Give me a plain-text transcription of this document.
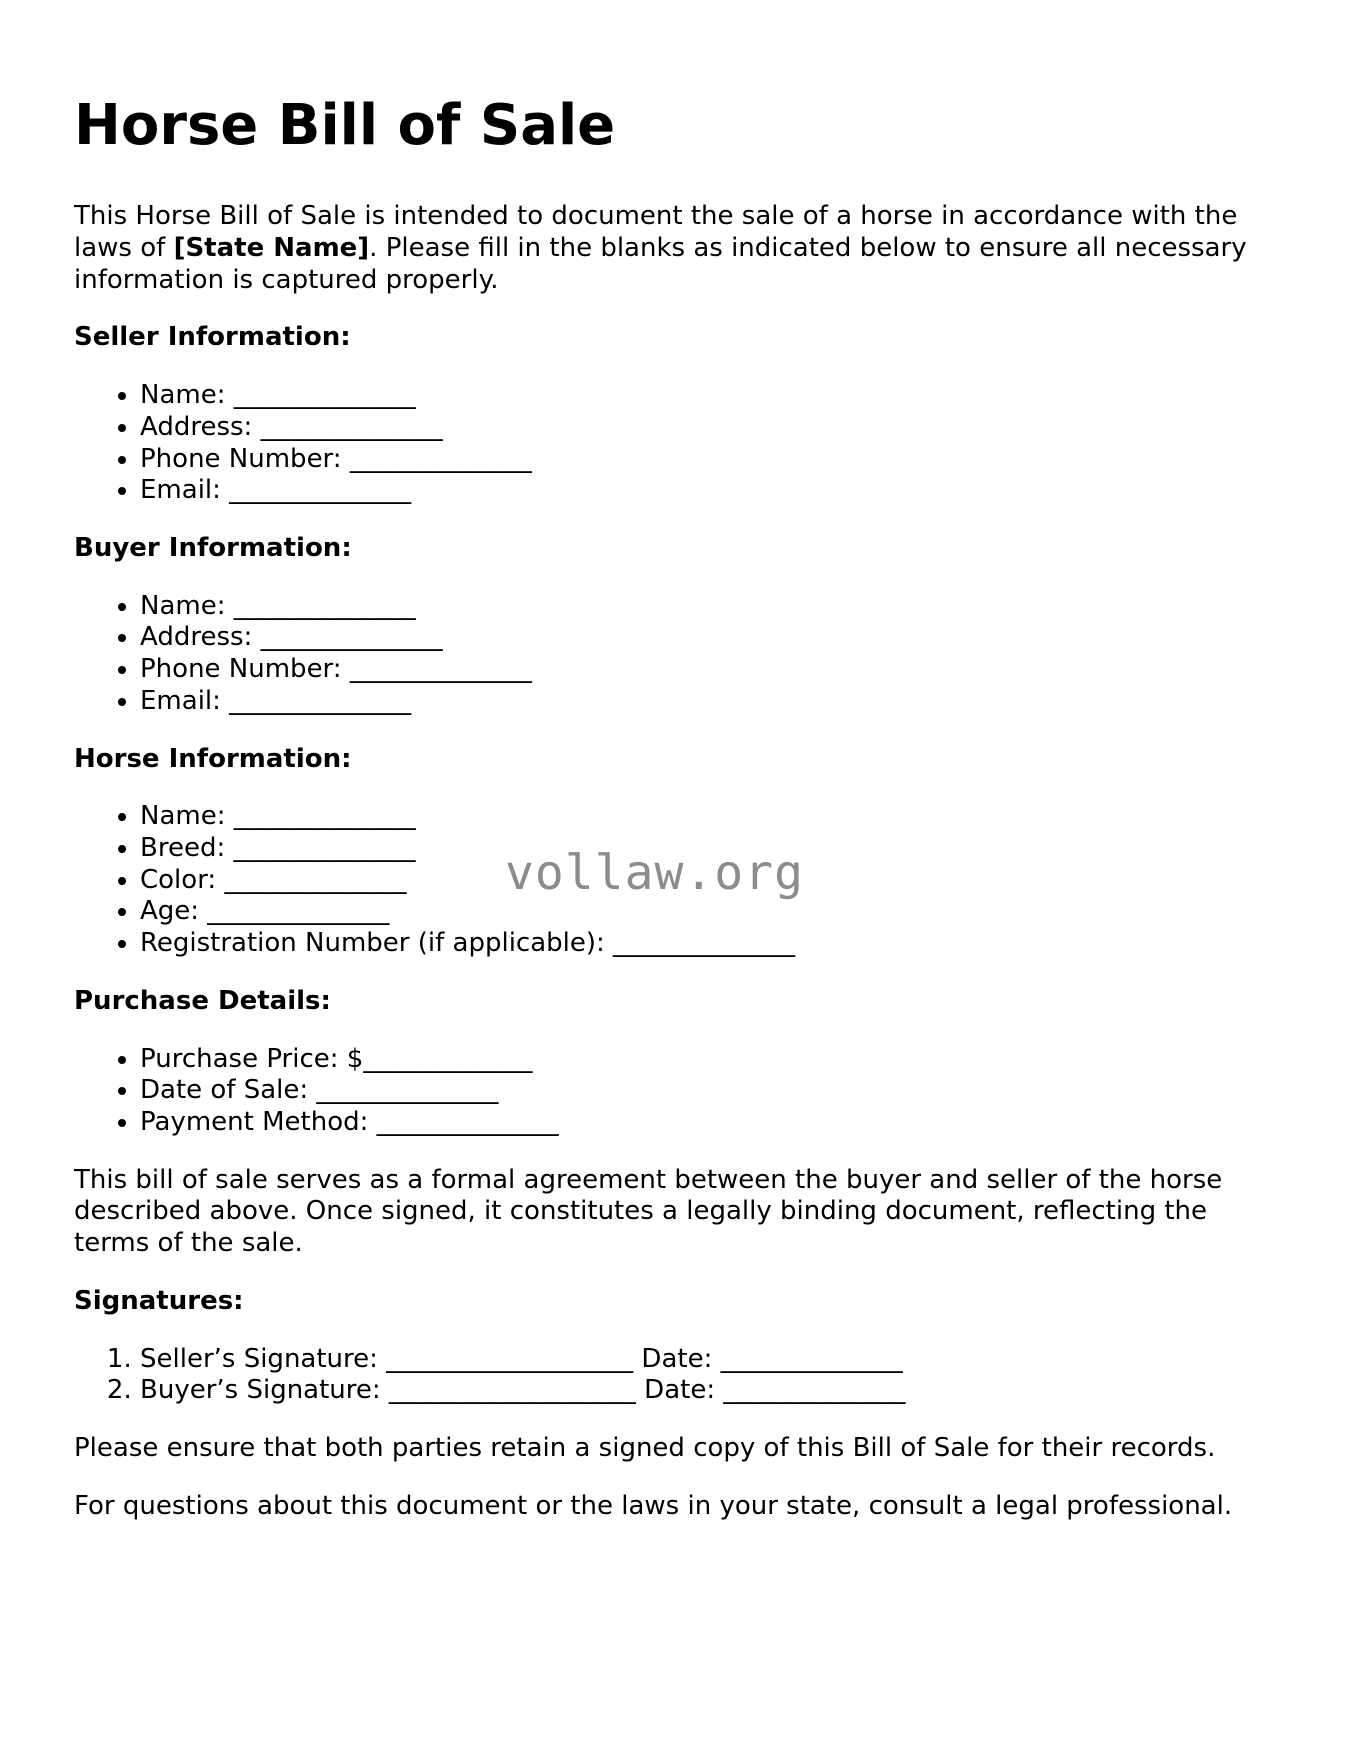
Horse Bill of Sale

This Horse Bill of Sale is intended to document the sale of a horse in accordance with the laws of [State Name]. Please fill in the blanks as indicated below to ensure all necessary information is captured properly.

Seller Information:
• Name: ______________
• Address: ______________
• Phone Number: ______________
• Email: ______________
Buyer Information:
• Name: ______________
• Address: ______________
• Phone Number: ______________
• Email: ______________
Horse Information:
• Name: ______________
• Breed: ______________
• Color: ______________
• Age: ______________
• Registration Number (if applicable): ______________
Purchase Details:
• Purchase Price: $_____________
• Date of Sale: ______________
• Payment Method: ______________

This bill of sale serves as a formal agreement between the buyer and seller of the horse described above. Once signed, it constitutes a legally binding document, reflecting the terms of the sale.

Signatures:
1. Seller’s Signature: ___________________ Date: ______________
2. Buyer’s Signature: ___________________ Date: ______________

Please ensure that both parties retain a signed copy of this Bill of Sale for their records.

For questions about this document or the laws in your state, consult a legal professional.

vollaw.org
